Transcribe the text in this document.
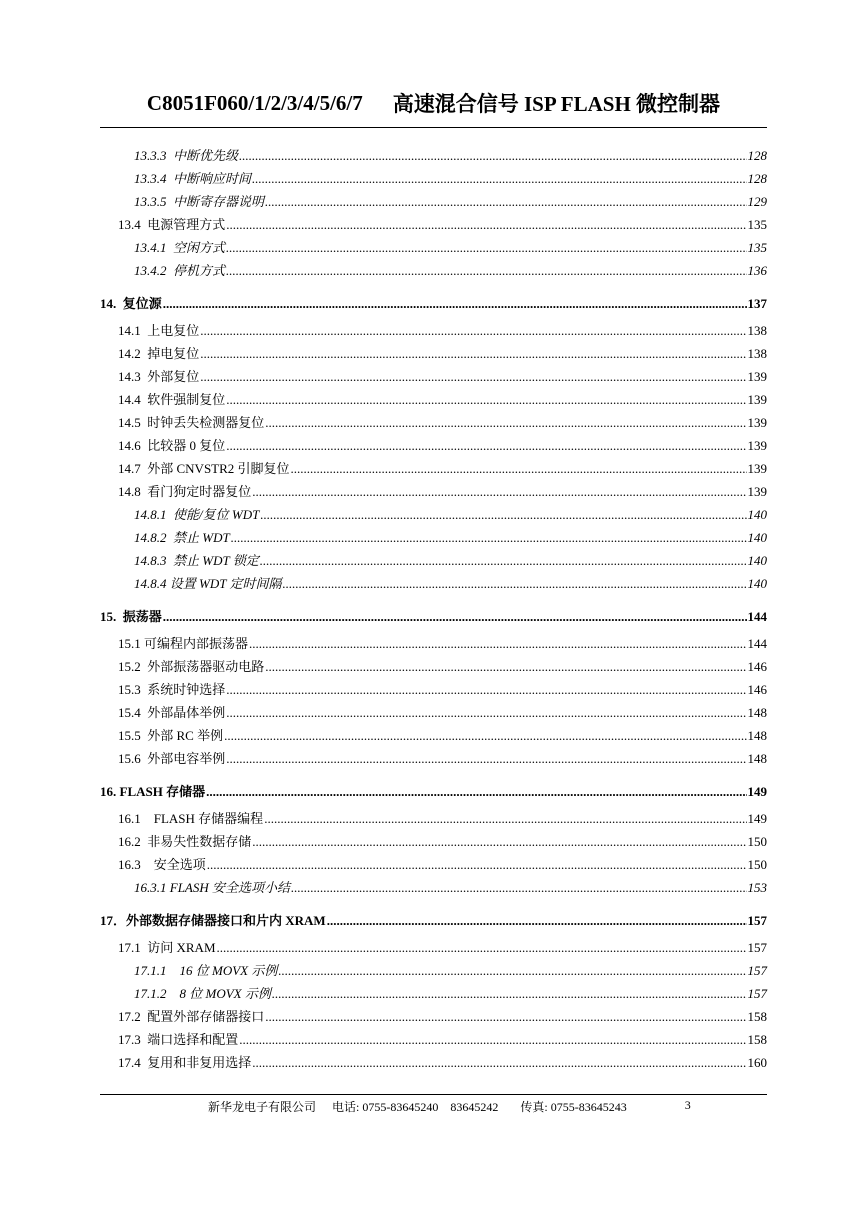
C8051F060/1/2/3/4/5/6/7 高速混合信号 ISP FLASH 微控制器
13.3.3  中断优先级 .....	128
13.3.4  中断响应时间 .....	128
13.3.5  中断寄存器说明 .....	129
13.4  电源管理方式 .....	135
13.4.1  空闲方式 .....	135
13.4.2  停机方式 .....	136
14.  复位源 .....	137
14.1  上电复位 .....	138
14.2  掉电复位 .....	138
14.3  外部复位 .....	139
14.4  软件强制复位 .....	139
14.5  时钟丢失检测器复位 .....	139
14.6  比较器 0 复位 .....	139
14.7  外部 CNVSTR2 引脚复位 .....	139
14.8  看门狗定时器复位 .....	139
14.8.1  使能/复位 WDT .....	140
14.8.2  禁止 WDT .....	140
14.8.3  禁止 WDT 锁定 .....	140
14.8.4 设置 WDT 定时间隔 .....	140
15.  振荡器 .....	144
15.1 可编程内部振荡器 .....	144
15.2  外部振荡器驱动电路 .....	146
15.3  系统时钟选择 .....	146
15.4  外部晶体举例 .....	148
15.5  外部 RC 举例 .....	148
15.6  外部电容举例 .....	148
16. FLASH 存储器 .....	149
16.1    FLASH 存储器编程 .....	149
16.2  非易失性数据存储 .....	150
16.3    安全选项 .....	150
16.3.1 FLASH 安全选项小结 .....	153
17．外部数据存储器接口和片内 XRAM .....	157
17.1  访问 XRAM .....	157
17.1.1    16 位 MOVX 示例 .....	157
17.1.2    8 位 MOVX 示例 .....	157
17.2  配置外部存储器接口 .....	158
17.3  端口选择和配置 .....	158
17.4  复用和非复用选择 .....	160
新华龙电子有限公司 电话: 0755-83645240    83645242 传真: 0755-83645243	3
